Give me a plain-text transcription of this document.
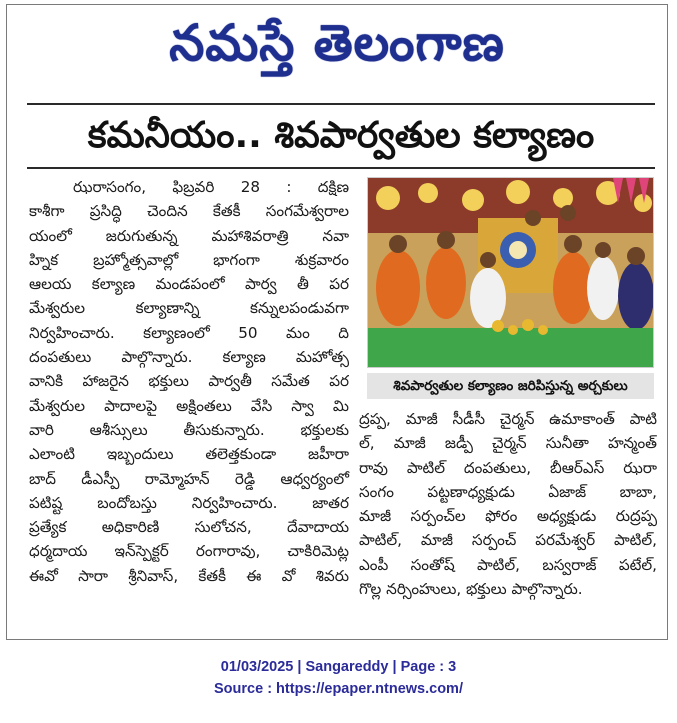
నమస్తే తెలంగాణ
కమనీయం.. శివపార్వతుల కల్యాణం

ఝరాసంగం, ఫిబ్రవరి 28 : దక్షిణ

కాశీగా ప్రసిద్ధి చెందిన కేతకీ సంగమేశ్వరాల

యంలో జరుగుతున్న మహాశివరాత్రి నవా

హ్నిక బ్రహ్మోత్సవాల్లో భాగంగా శుక్రవారం

ఆలయ కల్యాణ మండపంలో పార్వ తీ పర

మేశ్వరుల కల్యాణాన్ని కన్నులపండువగా

నిర్వహించారు. కల్యాణంలో 50 మం ది

దంపతులు పాల్గొన్నారు. కల్యాణ మహోత్స

వానికి హాజరైన భక్తులు పార్వతీ సమేత పర

మేశ్వరుల పాదాలపై అక్షింతలు వేసి స్వా మి

వారి ఆశీస్సులు తీసుకున్నారు. భక్తులకు

ఎలాంటి ఇబ్బందులు తలెత్తకుండా జహీరా

బాద్ డీఎస్పీ రామ్మోహన్ రెడ్డి ఆధ్వర్యంలో

పటిష్ట బందోబస్తు నిర్వహించారు. జాతర

ప్రత్యేక అధికారిణి సులోచన, దేవాదాయ

ధర్మదాయ ఇన్‌స్పెక్టర్ రంగారావు, చాకిరిమెట్ల

ఈవో సారా శ్రీనివాస్, కేతకీ ఈ వో శివరు

శివపార్వతుల కల్యాణం జరిపిస్తున్న అర్చకులు

ద్రప్ప, మాజీ సీడీసీ చైర్మన్ ఉమాకాంత్ పాటి

ల్, మాజీ జడ్పీ చైర్మన్ సునీతా హన్మంత్

రావు పాటిల్ దంపతులు, బీఆర్ఎస్ ఝరా

సంగం పట్టణాధ్యక్షుడు ఏజాజ్ బాబా,

మాజీ సర్పంచ్‌ల ఫోరం అధ్యక్షుడు రుద్రప్ప

పాటిల్, మాజీ సర్పంచ్ పరమేశ్వర్ పాటిల్,

ఎంపీ సంతోష్ పాటిల్, బస్వరాజ్ పటేల్,

గొల్ల నర్సింహులు, భక్తులు పాల్గొన్నారు.

01/03/2025 | Sangareddy | Page : 3
Source : https://epaper.ntnews.com/
